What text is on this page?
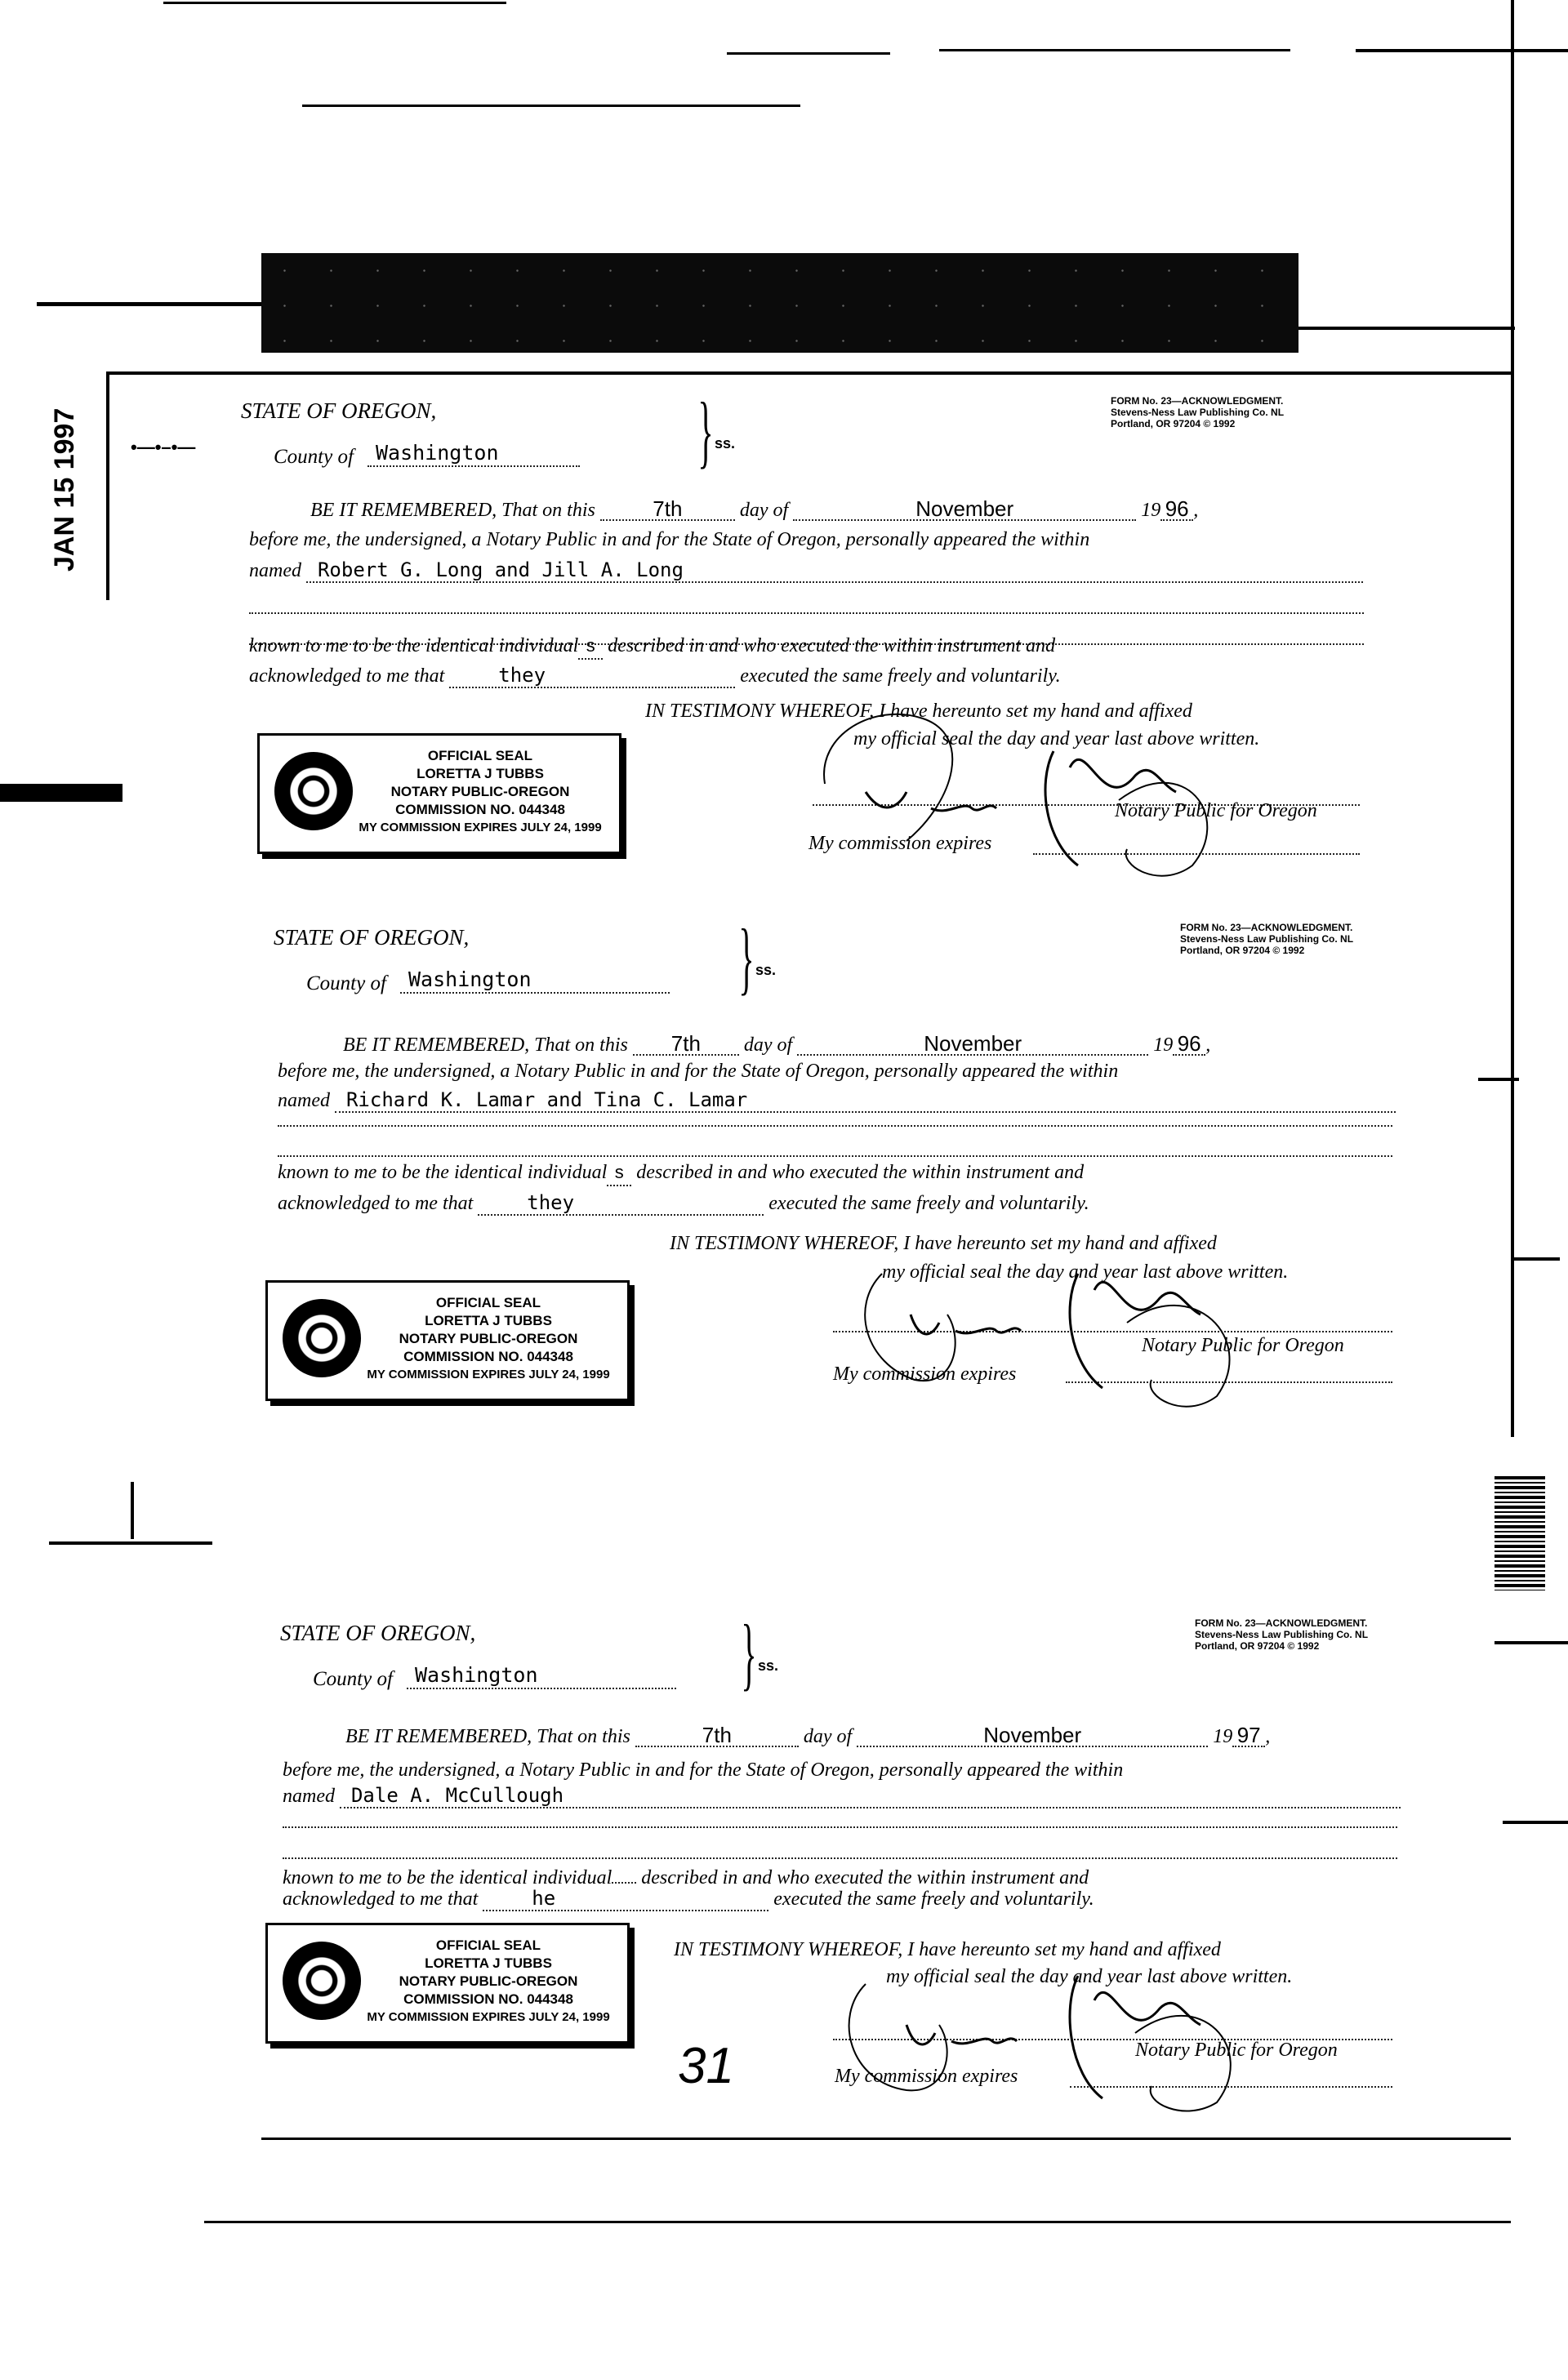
JAN 15 1997	•—•–•—
STATE OF OREGON,
County of	Washington	} ss.
FORM No. 23—ACKNOWLEDGMENT.
Stevens-Ness Law Publishing Co. NL
Portland, OR 97204 © 1992
BE IT REMEMBERED, That on this	7th	day of	November	19 96 ,
before me, the undersigned, a Notary Public in and for the State of Oregon, personally appeared the within
named Robert G. Long and Jill A. Long
known to me to be the identical individual s described in and who executed the within instrument and
acknowledged to me that	they	executed the same freely and voluntarily.
IN TESTIMONY WHEREOF, I have hereunto set my hand and affixed
my official seal the day and year last above written.
OFFICIAL SEAL
LORETTA J TUBBS
NOTARY PUBLIC-OREGON
COMMISSION NO. 044348
MY COMMISSION EXPIRES JULY 24, 1999
Notary Public for Oregon
My commission expires
STATE OF OREGON,
County of	Washington	} ss.
FORM No. 23—ACKNOWLEDGMENT.
Stevens-Ness Law Publishing Co. NL
Portland, OR 97204 © 1992
BE IT REMEMBERED, That on this 7th day of	November	19 96 ,
before me, the undersigned, a Notary Public in and for the State of Oregon, personally appeared the within
named Richard K. Lamar and Tina C. Lamar
known to me to be the identical individual s described in and who executed the within instrument and
acknowledged to me that	they	executed the same freely and voluntarily.
IN TESTIMONY WHEREOF, I have hereunto set my hand and affixed
my official seal the day and year last above written.
OFFICIAL SEAL
LORETTA J TUBBS
NOTARY PUBLIC-OREGON
COMMISSION NO. 044348
MY COMMISSION EXPIRES JULY 24, 1999
Notary Public for Oregon
My commission expires
STATE OF OREGON,
County of	Washington	} ss.
FORM No. 23—ACKNOWLEDGMENT.
Stevens-Ness Law Publishing Co. NL
Portland, OR 97204 © 1992
BE IT REMEMBERED, That on this	7th	day of	November	19 97 ,
before me, the undersigned, a Notary Public in and for the State of Oregon, personally appeared the within
named Dale A. McCullough
known to me to be the identical individual described in and who executed the within instrument and
acknowledged to me that	he	executed the same freely and voluntarily.
IN TESTIMONY WHEREOF, I have hereunto set my hand and affixed
my official seal the day and year last above written.
OFFICIAL SEAL
LORETTA J TUBBS
NOTARY PUBLIC-OREGON
COMMISSION NO. 044348
MY COMMISSION EXPIRES JULY 24, 1999
Notary Public for Oregon
My commission expires
31
